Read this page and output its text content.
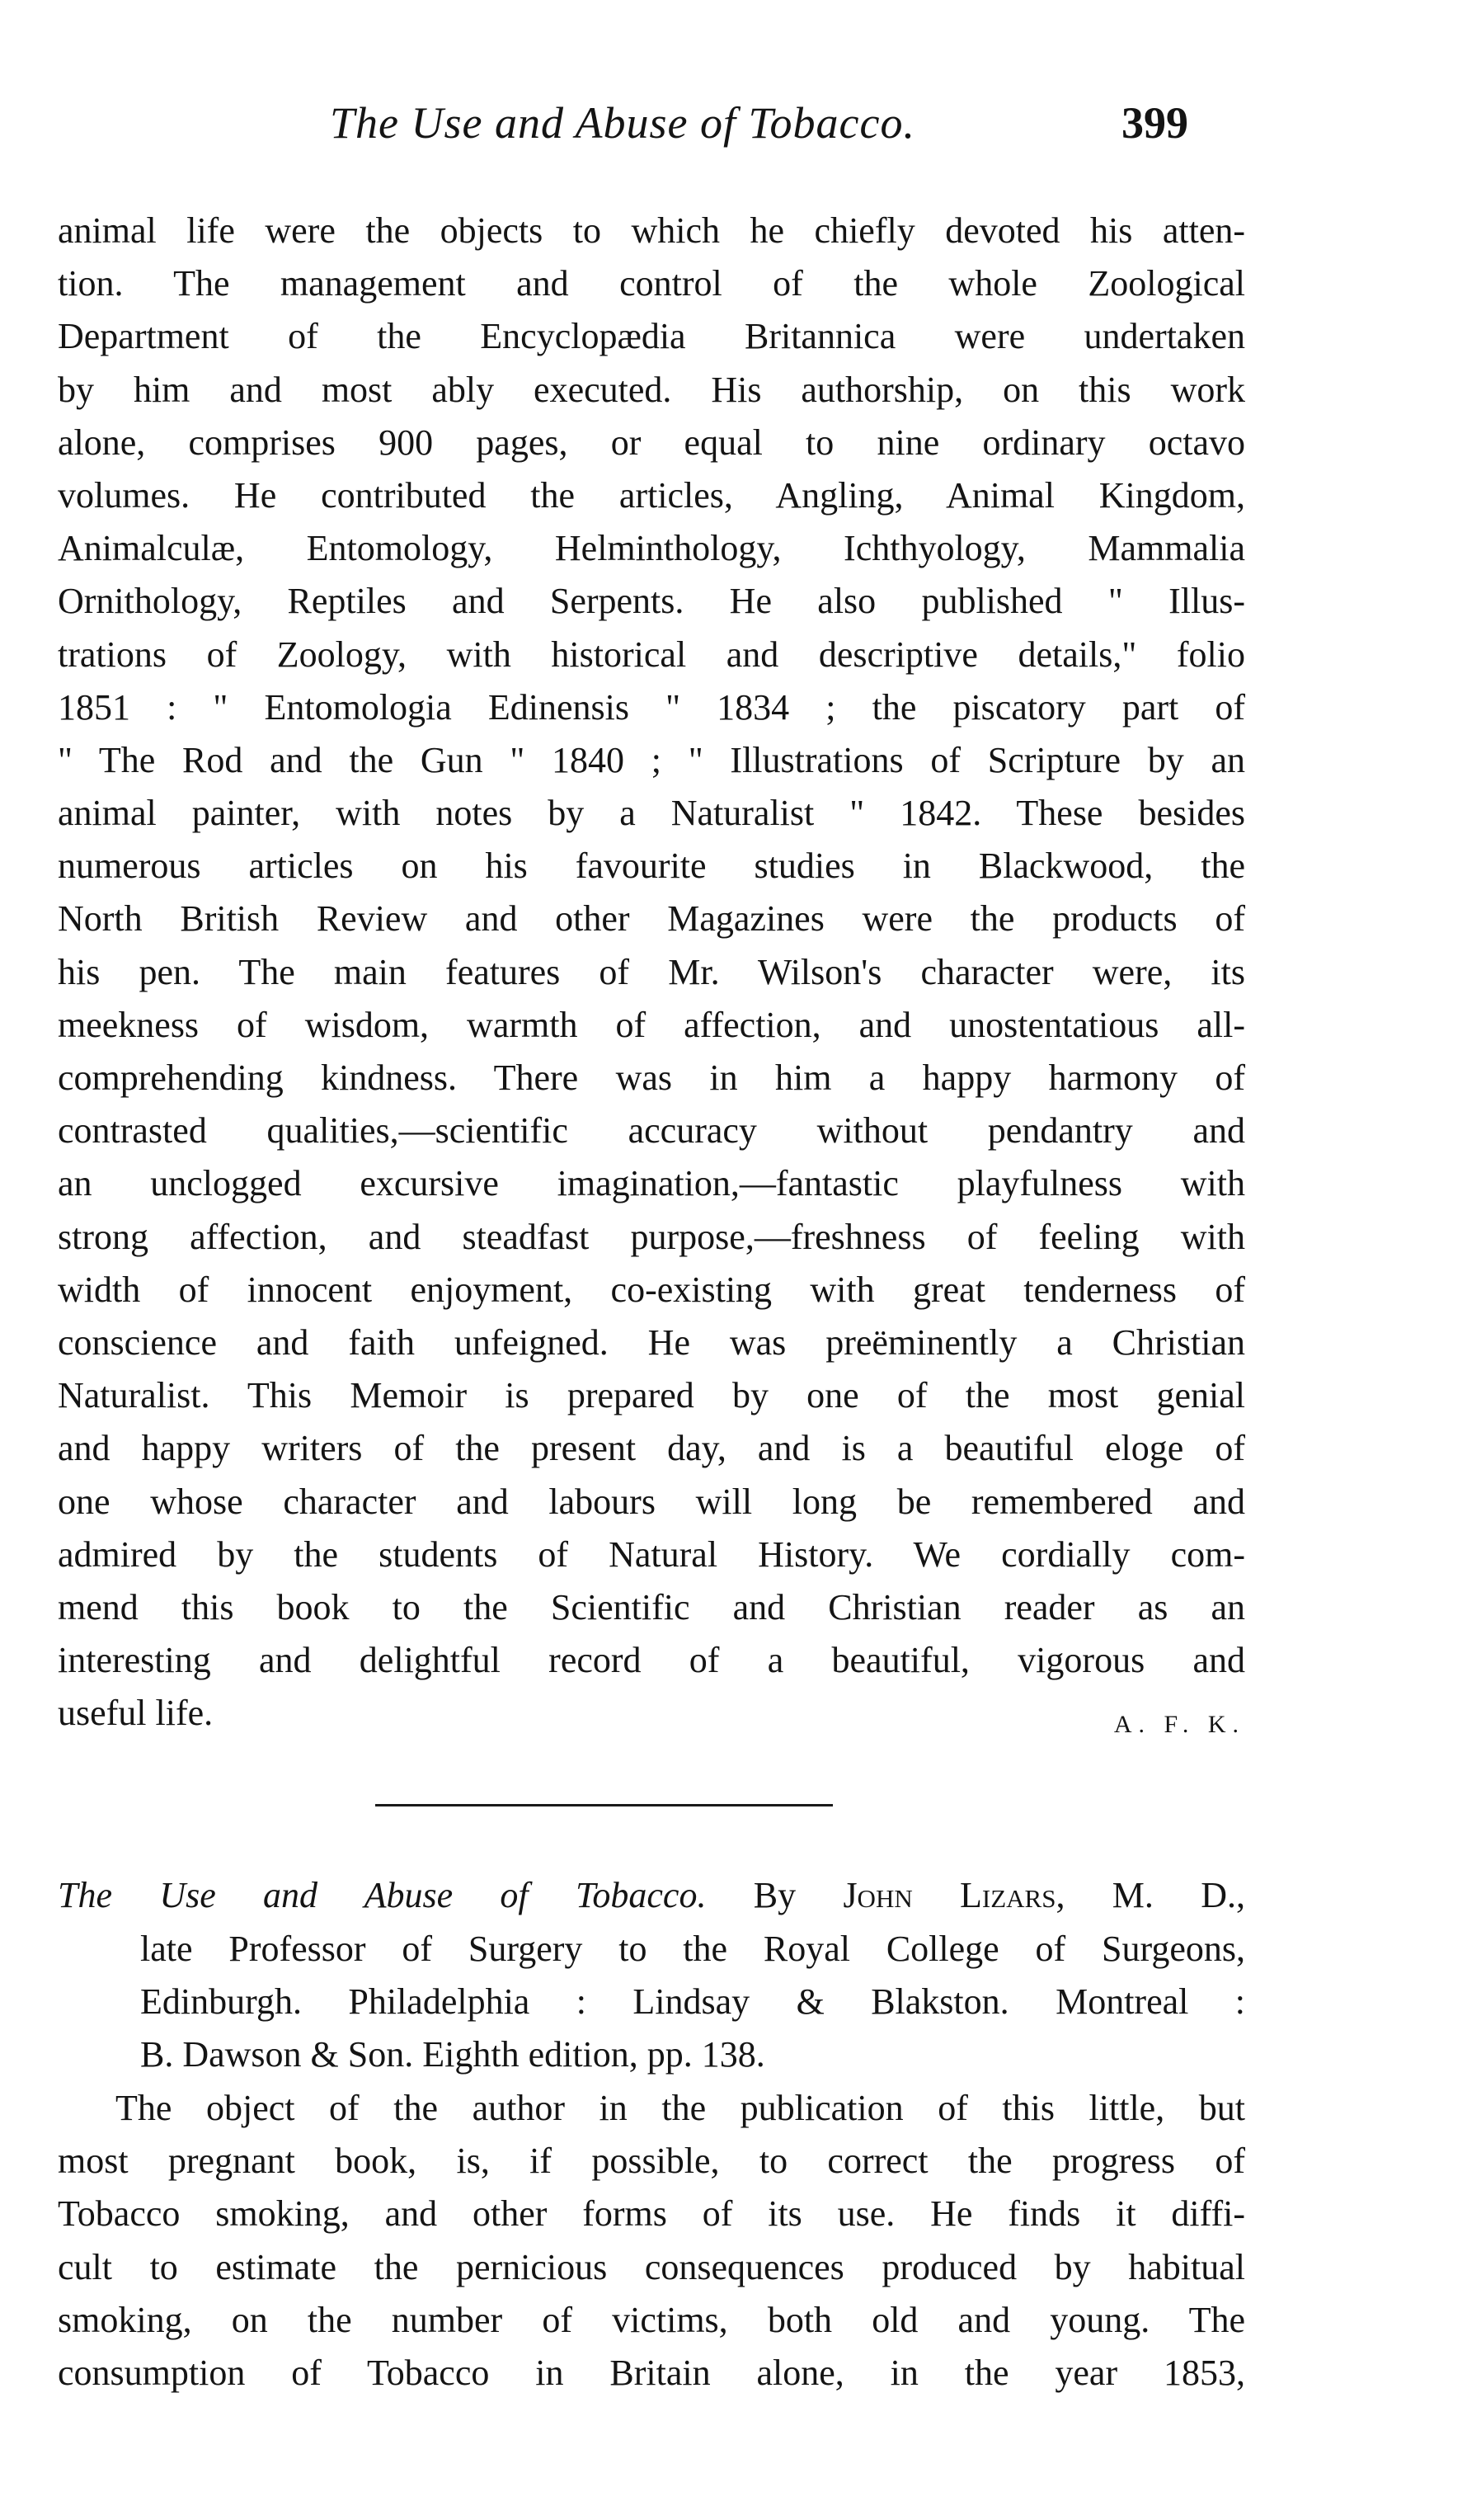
The Use and Abuse of Tobacco.	399
animal life were the objects to which he chiefly devoted his atten-
tion. The management and control of the whole Zoological
Department of the Encyclopædia Britannica were undertaken
by him and most ably executed. His authorship, on this work
alone, comprises 900 pages, or equal to nine ordinary octavo
volumes. He contributed the articles, Angling, Animal Kingdom,
Animalculæ, Entomology, Helminthology, Ichthyology, Mammalia
Ornithology, Reptiles and Serpents. He also published " Illus-
trations of Zoology, with historical and descriptive details," folio
1851 : " Entomologia Edinensis " 1834 ; the piscatory part of
" The Rod and the Gun " 1840 ; " Illustrations of Scripture by an
animal painter, with notes by a Naturalist " 1842. These besides
numerous articles on his favourite studies in Blackwood, the
North British Review and other Magazines were the products of
his pen. The main features of Mr. Wilson's character were, its
meekness of wisdom, warmth of affection, and unostentatious all-
comprehending kindness. There was in him a happy harmony of
contrasted qualities,—scientific accuracy without pendantry and
an unclogged excursive imagination,—fantastic playfulness with
strong affection, and steadfast purpose,—freshness of feeling with
width of innocent enjoyment, co-existing with great tenderness of
conscience and faith unfeigned. He was preëminently a Christian
Naturalist. This Memoir is prepared by one of the most genial
and happy writers of the present day, and is a beautiful eloge of
one whose character and labours will long be remembered and
admired by the students of Natural History. We cordially com-
mend this book to the Scientific and Christian reader as an
interesting and delightful record of a beautiful, vigorous and
useful life.	A. F. K.
The Use and Abuse of Tobacco. By John Lizars, M. D.,
late Professor of Surgery to the Royal College of Surgeons,
Edinburgh. Philadelphia : Lindsay & Blakston. Montreal :
B. Dawson & Son. Eighth edition, pp. 138.
The object of the author in the publication of this little, but
most pregnant book, is, if possible, to correct the progress of
Tobacco smoking, and other forms of its use. He finds it diffi-
cult to estimate the pernicious consequences produced by habitual
smoking, on the number of victims, both old and young. The
consumption of Tobacco in Britain alone, in the year 1853,
